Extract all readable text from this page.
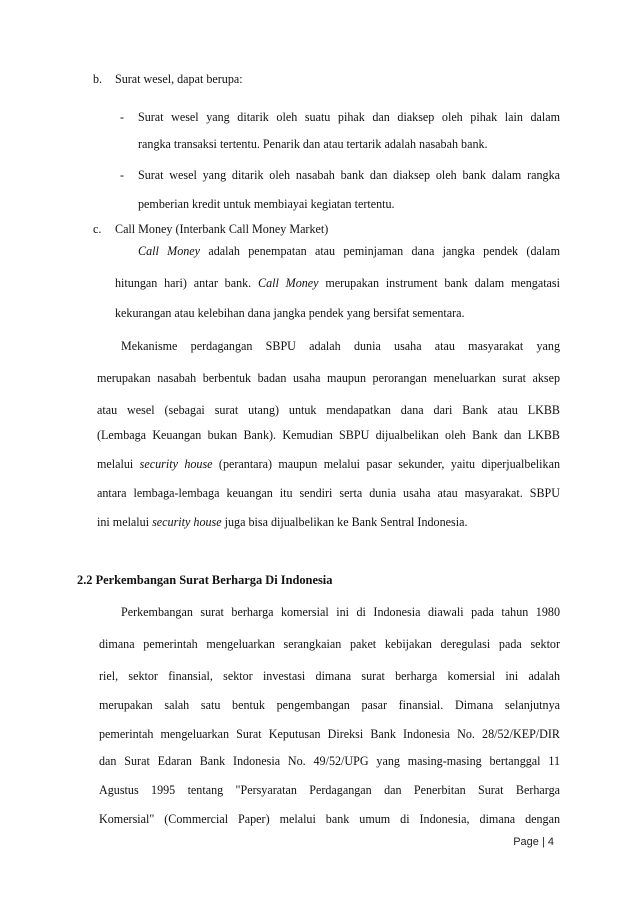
b. Surat wesel, dapat berupa:
- Surat wesel yang ditarik oleh suatu pihak dan diaksep oleh pihak lain dalam
rangka transaksi tertentu. Penarik dan atau tertarik adalah nasabah bank.
- Surat wesel yang ditarik oleh nasabah bank dan diaksep oleh bank dalam rangka
pemberian kredit untuk membiayai kegiatan tertentu.
c. Call Money (Interbank Call Money Market)
Call Money adalah penempatan atau peminjaman dana jangka pendek (dalam
hitungan hari) antar bank. Call Money merupakan instrument bank dalam mengatasi
kekurangan atau kelebihan dana jangka pendek yang bersifat sementara.
Mekanisme perdagangan SBPU adalah dunia usaha atau masyarakat yang
merupakan nasabah berbentuk badan usaha maupun perorangan meneluarkan surat aksep
atau wesel (sebagai surat utang) untuk mendapatkan dana dari Bank atau LKBB
(Lembaga Keuangan bukan Bank). Kemudian SBPU dijualbelikan oleh Bank dan LKBB
melalui security house (perantara) maupun melalui pasar sekunder, yaitu diperjualbelikan
antara lembaga-lembaga keuangan itu sendiri serta dunia usaha atau masyarakat. SBPU
ini melalui security house juga bisa dijualbelikan ke Bank Sentral Indonesia.
2.2 Perkembangan Surat Berharga Di Indonesia
Perkembangan surat berharga komersial ini di Indonesia diawali pada tahun 1980
dimana pemerintah mengeluarkan serangkaian paket kebijakan deregulasi pada sektor
riel, sektor finansial, sektor investasi dimana surat berharga komersial ini adalah
merupakan salah satu bentuk pengembangan pasar finansial. Dimana selanjutnya
pemerintah mengeluarkan Surat Keputusan Direksi Bank Indonesia No. 28/52/KEP/DIR
dan Surat Edaran Bank Indonesia No. 49/52/UPG yang masing-masing bertanggal 11
Agustus 1995 tentang "Persyaratan Perdagangan dan Penerbitan Surat Berharga
Komersial" (Commercial Paper) melalui bank umum di Indonesia, dimana dengan
Page | 4
